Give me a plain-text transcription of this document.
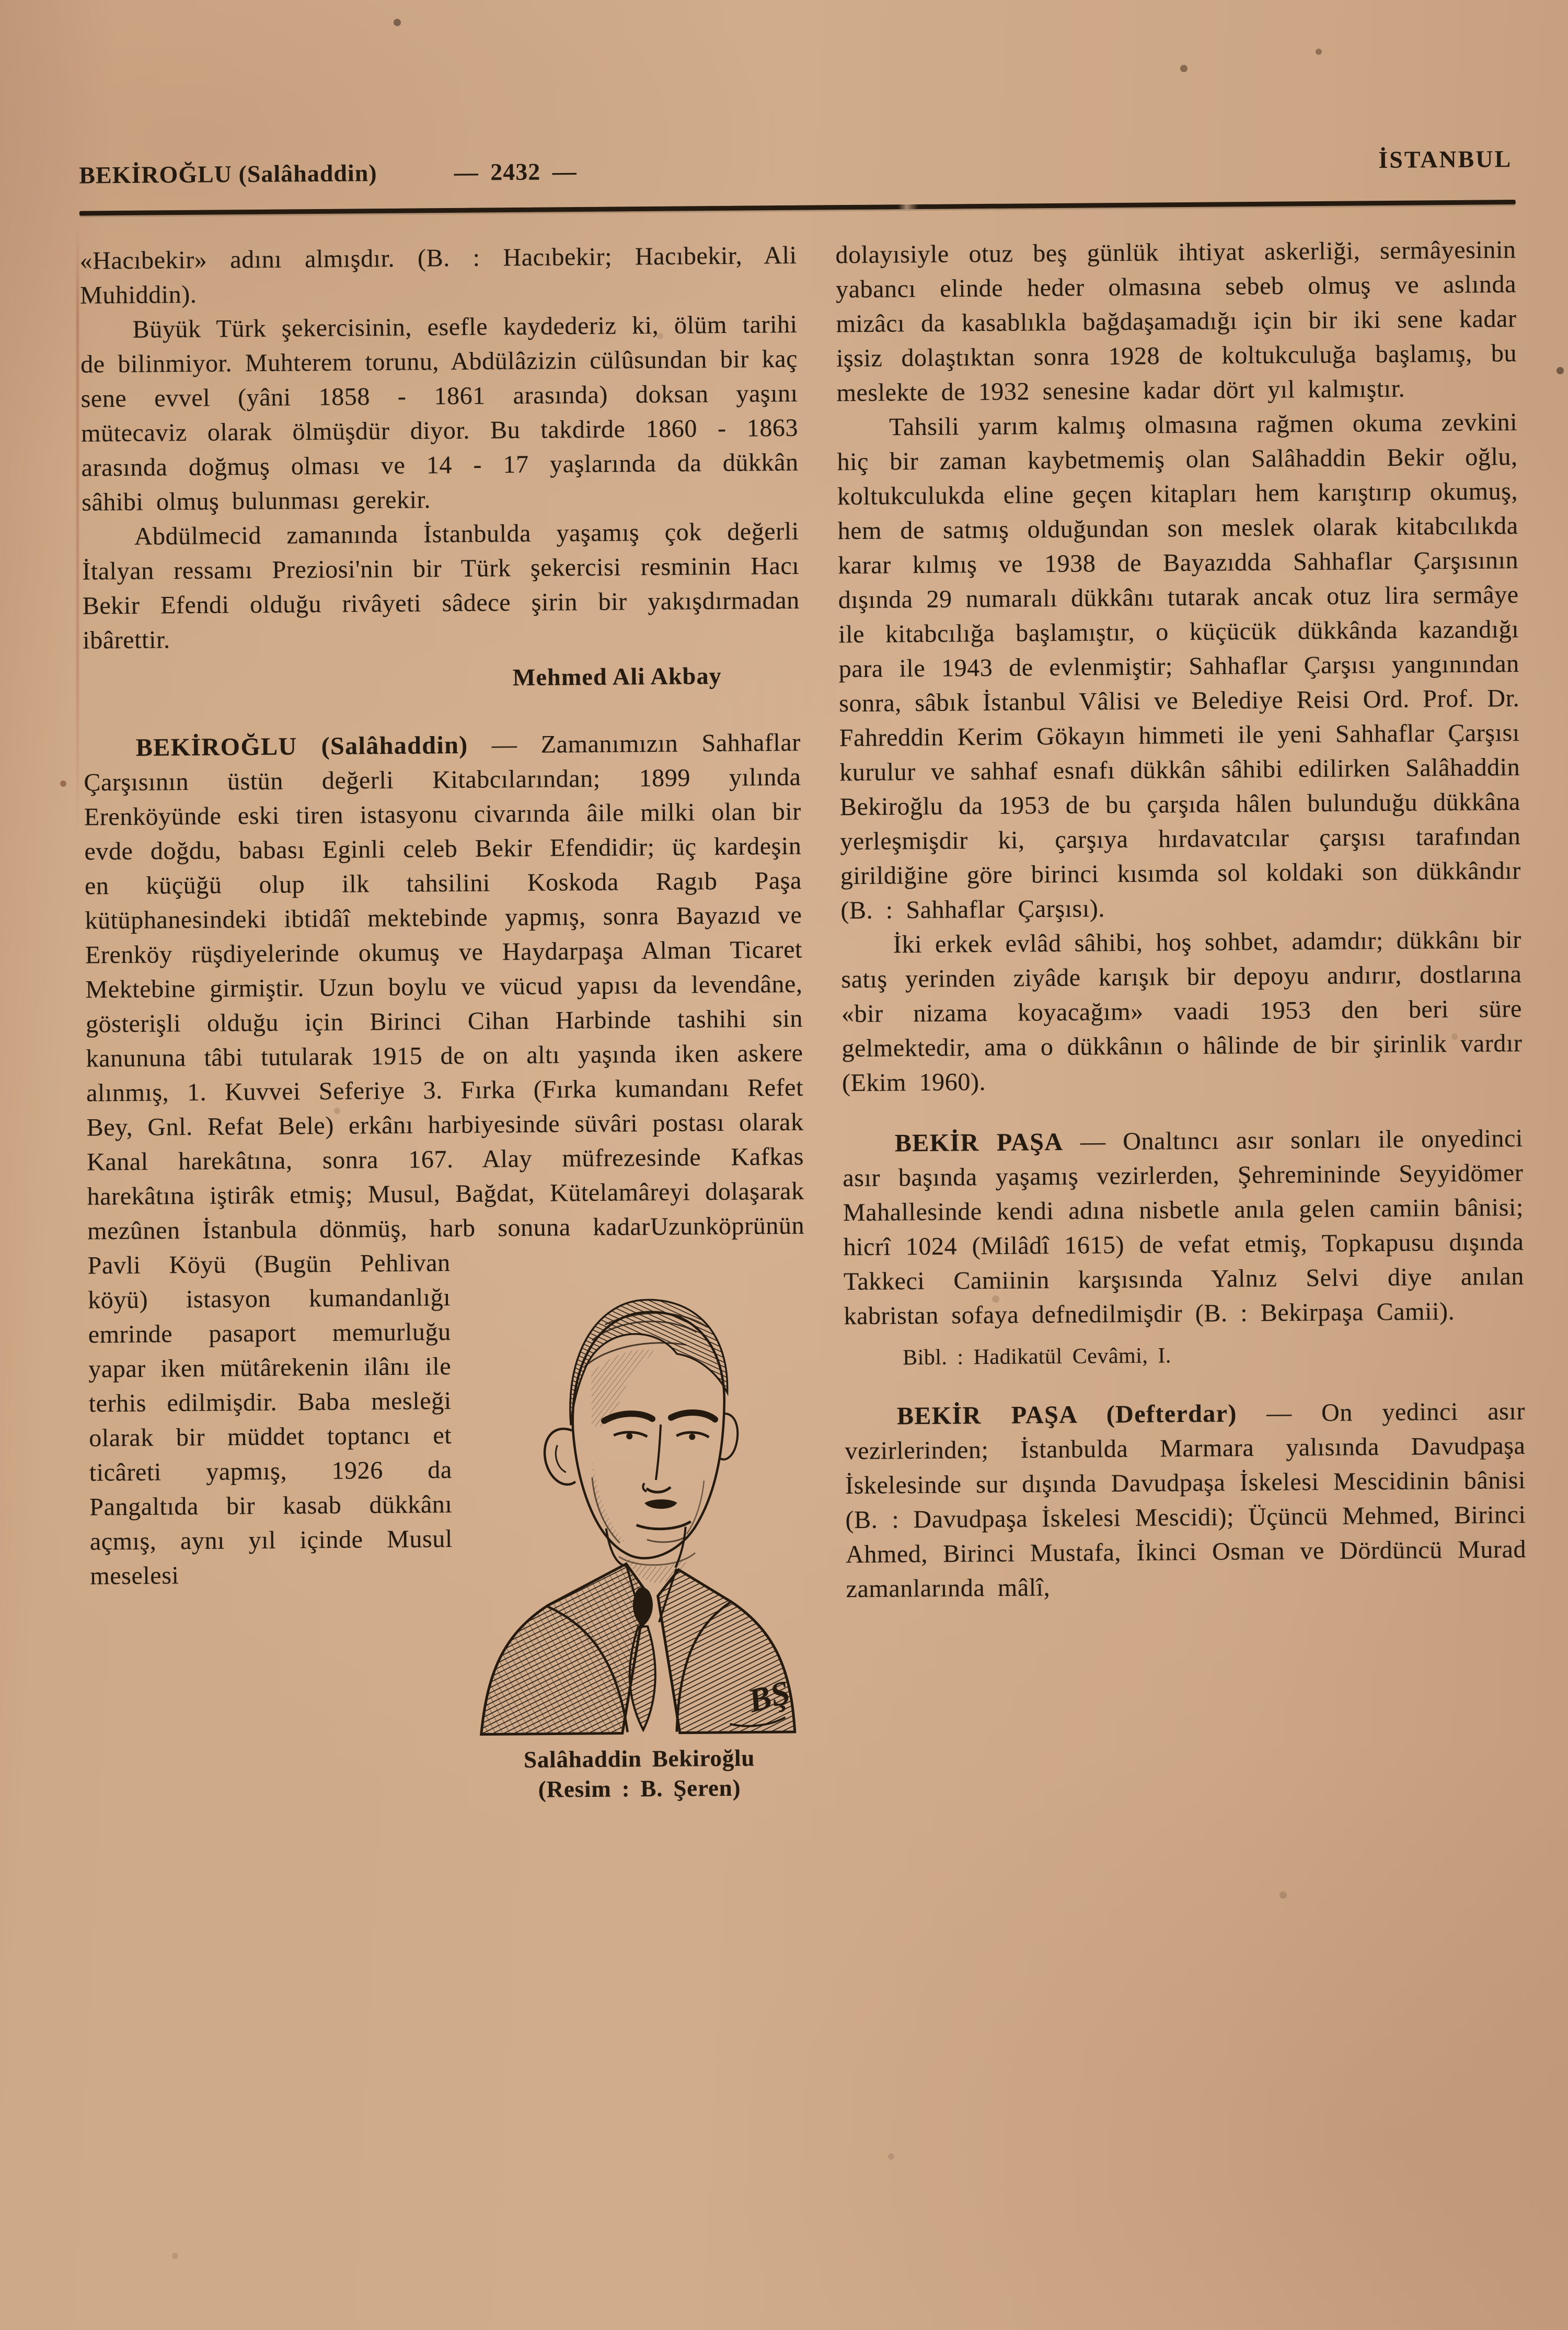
BEKİROĞLU (Salâhaddin)	— 2432 —	İSTANBUL
«Hacıbekir» adını almışdır. (B. : Hacıbekir; Hacıbekir, Ali Muhiddin).
Büyük Türk şekercisinin, esefle kaydederiz ki, ölüm tarihi de bilinmiyor. Muhterem torunu, Abdülâzizin cülûsundan bir kaç sene evvel (yâni 1858 - 1861 arasında) doksan yaşını mütecaviz olarak ölmüşdür diyor. Bu takdirde 1860 - 1863 arasında doğmuş olması ve 14 - 17 yaşlarında da dükkân sâhibi olmuş bulunması gerekir.
Abdülmecid zamanında İstanbulda yaşamış çok değerli İtalyan ressamı Preziosi'nin bir Türk şekercisi resminin Hacı Bekir Efendi olduğu rivâyeti sâdece şirin bir yakışdırmadan ibârettir.
Mehmed Ali Akbay
BEKİROĞLU (Salâhaddin) — Zamanımızın Sahhaflar Çarşısının üstün değerli Kitabcılarından; 1899 yılında Erenköyünde eski tiren istasyonu civarında âile milki olan bir evde doğdu, babası Eginli celeb Bekir Efendidir; üç kardeşin en küçüğü olup ilk tahsilini Koskoda Ragıb Paşa kütüphanesindeki ibtidâî mektebinde yapmış, sonra Bayazıd ve Erenköy rüşdiyelerinde okumuş ve Haydarpaşa Alman Ticaret Mektebine girmiştir. Uzun boylu ve vücud yapısı da levendâne, gösterişli olduğu için Birinci Cihan Harbinde tashihi sin kanununa tâbi tutularak 1915 de on altı yaşında iken askere alınmış, 1. Kuvvei Seferiye 3. Fırka (Fırka kumandanı Refet Bey, Gnl. Refat Bele) erkânı harbiyesinde süvâri postası olarak Kanal harekâtına, sonra 167. Alay müfrezesinde Kafkas harekâtına iştirâk etmiş; Musul, Bağdat, Kütelamâreyi dolaşarak mezûnen İstanbula dönmüş, harb sonuna kadar
BŞ
Salâhaddin Bekiroğlu
(Resim : B. Şeren)
Uzunköprünün Pavli Köyü (Bugün Pehlivan köyü) istasyon kumandanlığı emrinde pasaport memurluğu yapar iken mütârekenin ilânı ile terhis edilmişdir. Baba mesleği olarak bir müddet toptancı et ticâreti yapmış, 1926 da Pangaltıda bir kasab dükkânı açmış, aynı yıl içinde Musul meselesi
dolayısiyle otuz beş günlük ihtiyat askerliği, sermâyesinin yabancı elinde heder olmasına sebeb olmuş ve aslında mizâcı da kasablıkla bağdaşamadığı için bir iki sene kadar işsiz dolaştıktan sonra 1928 de koltukculuğa başlamış, bu meslekte de 1932 senesine kadar dört yıl kalmıştır.
Tahsili yarım kalmış olmasına rağmen okuma zevkini hiç bir zaman kaybetmemiş olan Salâhaddin Bekir oğlu, koltukculukda eline geçen kitapları hem karıştırıp okumuş, hem de satmış olduğundan son meslek olarak kitabcılıkda karar kılmış ve 1938 de Bayazıdda Sahhaflar Çarşısının dışında 29 numaralı dükkânı tutarak ancak otuz lira sermâye ile kitabcılığa başlamıştır, o küçücük dükkânda kazandığı para ile 1943 de evlenmiştir; Sahhaflar Çarşısı yangınından sonra, sâbık İstanbul Vâlisi ve Belediye Reisi Ord. Prof. Dr. Fahreddin Kerim Gökayın himmeti ile yeni Sahhaflar Çarşısı kurulur ve sahhaf esnafı dükkân sâhibi edilirken Salâhaddin Bekiroğlu da 1953 de bu çarşıda hâlen bulunduğu dükkâna yerleşmişdir ki, çarşıya hırdavatcılar çarşısı tarafından girildiğine göre birinci kısımda sol koldaki son dükkândır (B. : Sahhaflar Çarşısı).
İki erkek evlâd sâhibi, hoş sohbet, adamdır; dükkânı bir satış yerinden ziyâde karışık bir depoyu andırır, dostlarına «bir nizama koyacağım» vaadi 1953 den beri süre gelmektedir, ama o dükkânın o hâlinde de bir şirinlik vardır (Ekim 1960).
BEKİR PAŞA — Onaltıncı asır sonları ile onyedinci asır başında yaşamış vezirlerden, Şehremininde Seyyidömer Mahallesinde kendi adına nisbetle anıla gelen camiin bânisi; hicrî 1024 (Milâdî 1615) de vefat etmiş, Topkapusu dışında Takkeci Camiinin karşısında Yalnız Selvi diye anılan kabristan sofaya defnedilmişdir (B. : Bekirpaşa Camii).
Bibl. : Hadikatül Cevâmi, I.
BEKİR PAŞA (Defterdar) — On yedinci asır vezirlerinden; İstanbulda Marmara yalısında Davudpaşa İskelesinde sur dışında Davudpaşa İskelesi Mescidinin bânisi (B. : Davudpaşa İskelesi Mescidi); Üçüncü Mehmed, Birinci Ahmed, Birinci Mustafa, İkinci Osman ve Dördüncü Murad zamanlarında mâlî,
